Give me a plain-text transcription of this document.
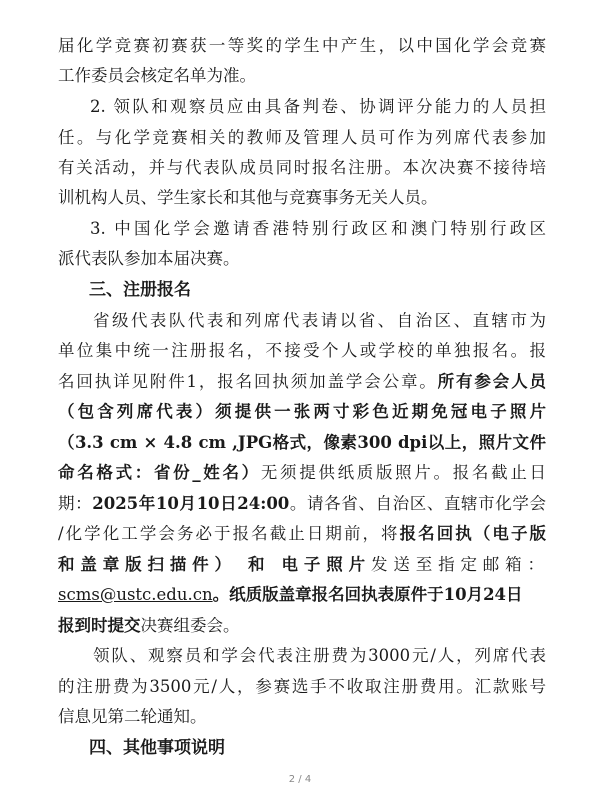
届化学竞赛初赛获一等奖的学生中产生，以中国化学会竞赛
工作委员会核定名单为准。
2. 领队和观察员应由具备判卷、协调评分能力的人员担
任。与化学竞赛相关的教师及管理人员可作为列席代表参加
有关活动，并与代表队成员同时报名注册。本次决赛不接待培
训机构人员、学生家长和其他与竞赛事务无关人员。
3. 中国化学会邀请香港特别行政区和澳门特别行政区
派代表队参加本届决赛。
三、注册报名
省级代表队代表和列席代表请以省、自治区、直辖市为
单位集中统一注册报名，不接受个人或学校的单独报名。报
名回执详见附件1，报名回执须加盖学会公章。所有参会人员
（包含列席代表）须提供一张两寸彩色近期免冠电子照片
（3.3 cm × 4.8 cm ,JPG格式，像素300 dpi以上，照片文件
命名格式：省份_姓名）无须提供纸质版照片。报名截止日
期：2025年10月10日24:00。请各省、自治区、直辖市化学会
/化学化工学会务必于报名截止日期前，将报名回执（电子版
和盖章版扫描件） 和 电子照片发送至指定邮箱：
scms@ustc.edu.cn。纸质版盖章报名回执表原件于10月24日
报到时提交决赛组委会。
领队、观察员和学会代表注册费为3000元/人，列席代表
的注册费为3500元/人，参赛选手不收取注册费用。汇款账号
信息见第二轮通知。
四、其他事项说明
2 / 4
